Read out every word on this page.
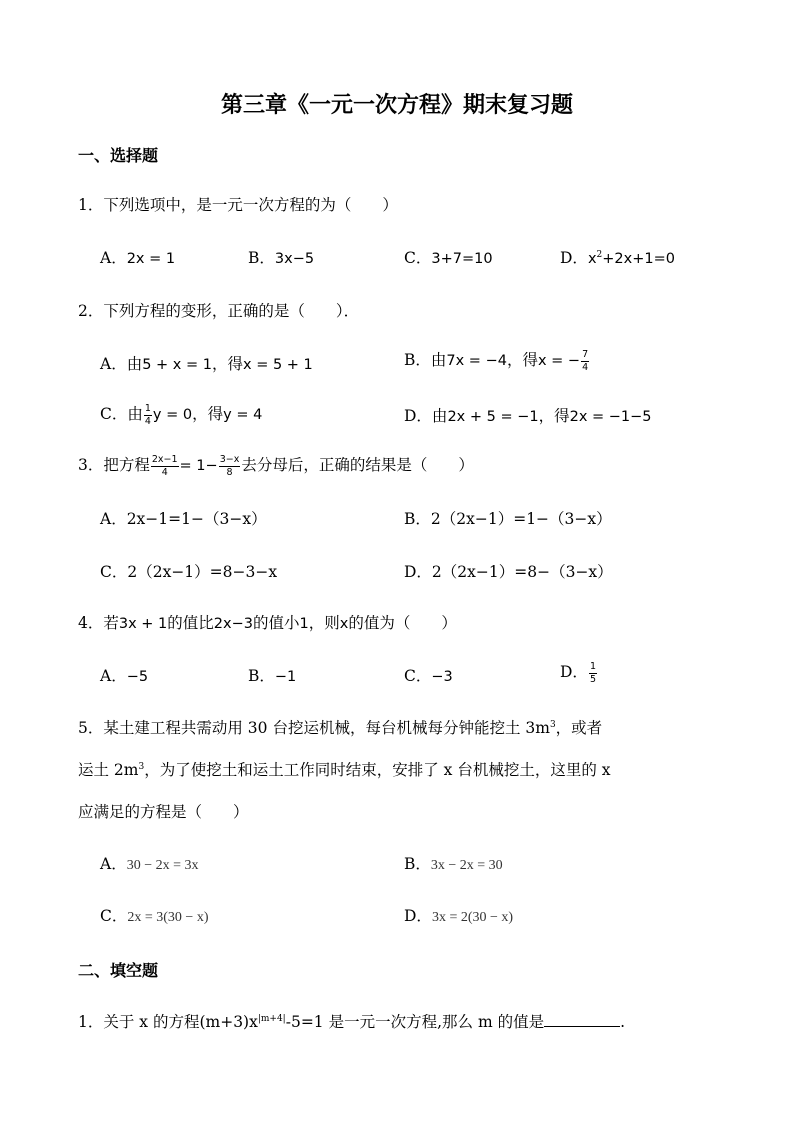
第三章《一元一次方程》期末复习题
一、选择题
1．下列选项中，是一元一次方程的为（　　）
A．2x = 1	B．3x−5	C．3+7=10	D．$x^2+2x+1=0$
2．下列方程的变形，正确的是（　　）．
A．由5 + x = 1，得x = 5 + 1	B．由7x = −4，得x = − $\frac{7}{4}$
C．由 $\frac{1}{4}$ y = 0，得y = 4	D．由2x + 5 = −1，得2x = −1−5
3．把方程 $\frac{2x-1}{4} = 1- \frac{3-x}{8}$ 去分母后，正确的结果是（　　）
A．2x−1=1−（3−x）	B．2（2x−1）=1−（3−x）
C．2（2x−1）=8−3−x	D．2（2x−1）=8−（3−x）
4．若3x + 1的值比2x−3的值小1，则x的值为（　　）
A．−5	B．−1	C．−3	D． $\frac{1}{5}$
5．某土建工程共需动用 30 台挖运机械，每台机械每分钟能挖土 $3m^3$，或者
运土 $2m^3$，为了使挖土和运土工作同时结束，安排了 x 台机械挖土，这里的 x
应满足的方程是（　　）
A．30 − 2x = 3x	B．3x − 2x = 30
C．2x = 3(30 − x)	D．3x = 2(30 − x)
二、填空题
1．关于 x 的方程$(m+3)x^{|m+4|}-5=1$ 是一元一次方程,那么 m 的值是	.
